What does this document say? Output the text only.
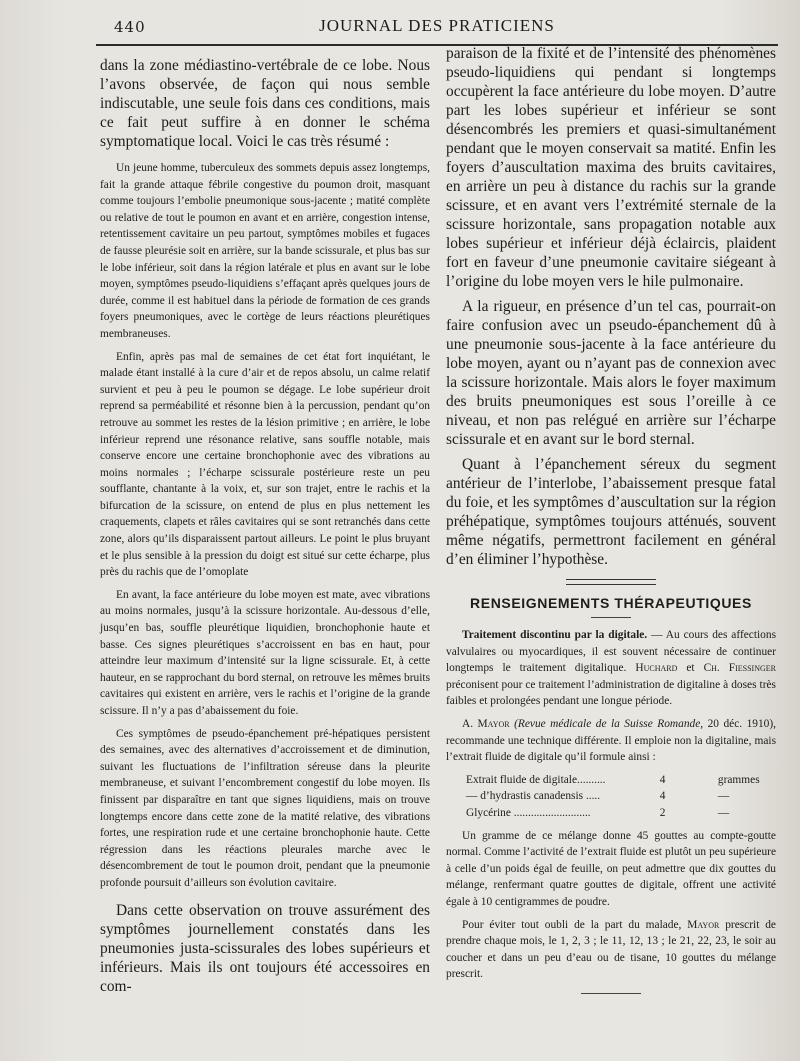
440	JOURNAL DES PRATICIENS

dans la zone médiastino-vertébrale de ce lobe. Nous l’avons observée, de façon qui nous semble indiscutable, une seule fois dans ces conditions, mais ce fait peut suffire à en donner le schéma symptomatique local. Voici le cas très résumé :

Un jeune homme, tuberculeux des sommets depuis assez longtemps, fait la grande attaque fébrile congestive du poumon droit, masquant comme toujours l’embolie pneumonique sous-jacente ; matité complète ou relative de tout le poumon en avant et en arrière, congestion intense, retentissement cavitaire un peu partout, symptômes mobiles et fugaces de fausse pleurésie soit en arrière, sur la bande scissurale, et plus bas sur le lobe inférieur, soit dans la région latérale et plus en avant sur le lobe moyen, symptômes pseudo-liquidiens s’effaçant après quelques jours de durée, comme il est habituel dans la période de formation de ces grands foyers pneumoniques, avec le cortège de leurs réactions pleurétiques membraneuses.

Enfin, après pas mal de semaines de cet état fort inquiétant, le malade étant installé à la cure d’air et de repos absolu, un calme relatif survient et peu à peu le poumon se dégage. Le lobe supérieur droit reprend sa perméabilité et résonne bien à la percussion, pendant qu’on retrouve au sommet les restes de la lésion primitive ; en arrière, le lobe inférieur reprend une résonance relative, sans souffle notable, mais conserve encore une certaine bronchophonie avec des vibrations au moins normales ; l’écharpe scissurale postérieure reste un peu soufflante, chantante à la voix, et, sur son trajet, entre le rachis et la bifurcation de la scissure, on entend de plus en plus nettement les craquements, clapets et râles cavitaires qui se sont retranchés dans cette zone, alors qu’ils disparaissent partout ailleurs. Le point le plus bruyant et le plus sensible à la pression du doigt est situé sur cette écharpe, plus près du rachis que de l’omoplate

En avant, la face antérieure du lobe moyen est mate, avec vibrations au moins normales, jusqu’à la scissure horizontale. Au-dessous d’elle, jusqu’en bas, souffle pleurétique liquidien, bronchophonie haute et basse. Ces signes pleurétiques s’accroissent en bas en haut, pour atteindre leur maximum d’intensité sur la ligne scissurale. Et, à cette hauteur, en se rapprochant du bord sternal, on retrouve les mêmes bruits cavitaires qui existent en arrière, vers le rachis et l’origine de la grande scissure. Il n’y a pas d’abaissement du foie.

Ces symptômes de pseudo-épanchement pré-hépatiques persistent des semaines, avec des alternatives d’accroissement et de diminution, suivant les fluctuations de l’infiltration séreuse dans la pleurite membraneuse, et suivant l’encombrement congestif du lobe moyen. Ils finissent par disparaître en tant que signes liquidiens, mais on trouve longtemps encore dans cette zone de la matité relative, des vibrations fortes, une respiration rude et une certaine bronchophonie haute. Cette régression dans les réactions pleurales marche avec le désencombrement de tout le poumon droit, pendant que la pneumonie profonde poursuit d’ailleurs son évolution cavitaire.

Dans cette observation on trouve assurément des symptômes journellement constatés dans les pneumonies justa-scissurales des lobes supérieurs et inférieurs. Mais ils ont toujours été accessoires en com-

paraison de la fixité et de l’intensité des phénomènes pseudo-liquidiens qui pendant si longtemps occupèrent la face antérieure du lobe moyen. D’autre part les lobes supérieur et inférieur se sont désencombrés les premiers et quasi-simultanément pendant que le moyen conservait sa matité. Enfin les foyers d’auscultation maxima des bruits cavitaires, en arrière un peu à distance du rachis sur la grande scissure, et en avant vers l’extrémité sternale de la scissure horizontale, sans propagation notable aux lobes supérieur et inférieur déjà éclaircis, plaident fort en faveur d’une pneumonie cavitaire siégeant à l’origine du lobe moyen vers le hile pulmonaire.

A la rigueur, en présence d’un tel cas, pourrait-on faire confusion avec un pseudo-épanchement dû à une pneumonie sous-jacente à la face antérieure du lobe moyen, ayant ou n’ayant pas de connexion avec la scissure horizontale. Mais alors le foyer maximum des bruits pneumoniques est sous l’oreille à ce niveau, et non pas relégué en arrière sur l’écharpe scissurale et en avant sur le bord sternal.

Quant à l’épanchement séreux du segment antérieur de l’interlobe, l’abaissement presque fatal du foie, et les symptômes d’auscultation sur la région préhépatique, symptômes toujours atténués, souvent même négatifs, permettront facilement en général d’en éliminer l’hypothèse.

RENSEIGNEMENTS THÉRAPEUTIQUES

Traitement discontinu par la digitale. — Au cours des affections valvulaires ou myocardiques, il est souvent nécessaire de continuer longtemps le traitement digitalique. Huchard et Ch. Fiessinger préconisent pour ce traitement l’administration de digitaline à doses très faibles et prolongées pendant une longue période.

A. Mayor (Revue médicale de la Suisse Romande, 20 déc. 1910), recommande une technique différente. Il emploie non la digitaline, mais l’extrait fluide de digitale qu’il formule ainsi :

Extrait fluide de digitale..........	4	grammes
— d’hydrastis canadensis .....	4	—
Glycérine ...........................	2	—

Un gramme de ce mélange donne 45 gouttes au compte-goutte normal. Comme l’activité de l’extrait fluide est plutôt un peu supérieure à celle d’un poids égal de feuille, on peut admettre que dix gouttes du mélange, renfermant quatre gouttes de digitale, offrent une activité égale à 10 centigrammes de poudre.

Pour éviter tout oubli de la part du malade, Mayor prescrit de prendre chaque mois, le 1, 2, 3 ; le 11, 12, 13 ; le 21, 22, 23, le soir au coucher et dans un peu d’eau ou de tisane, 10 gouttes du mélange prescrit.
